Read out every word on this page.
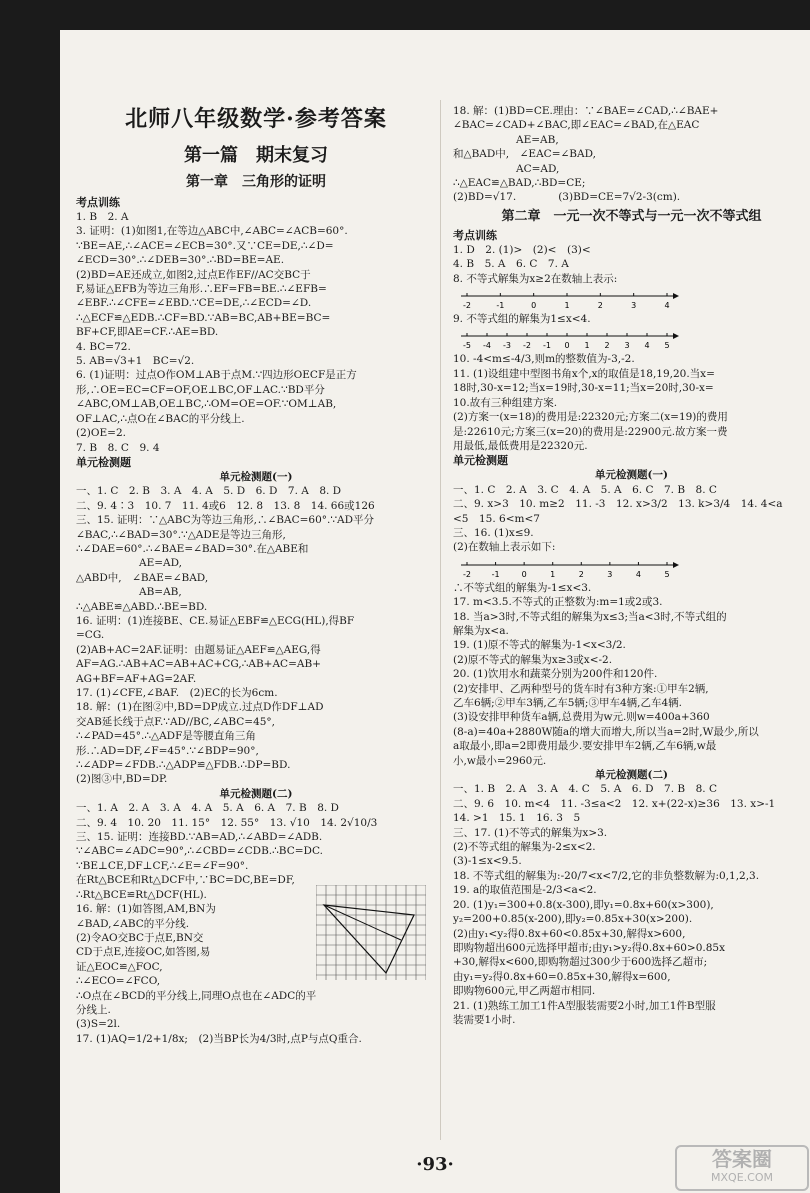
北师八年级数学·参考答案
第一篇　期末复习
第一章　三角形的证明
考点训练
1. B　2. A
3. 证明：(1)如图1,在等边△ABC中,∠ABC=∠ACB=60°.
∵BE=AE,∴∠ACE=∠ECB=30°.又∵CE=DE,∴∠D=
∠ECD=30°.∴∠DEB=30°.∴BD=BE=AE.
(2)BD=AE还成立,如图2,过点E作EF//AC交BC于
F,易证△EFB为等边三角形.∴EF=FB=BE.∴∠EFB=
∠EBF.∴∠CFE=∠EBD.∵CE=DE,∴∠ECD=∠D.
∴△ECF≌△EDB.∴CF=BD.∵AB=BC,AB+BE=BC=
BF+CF,即AE=CF.∴AE=BD.
4. BC=72.
5. AB=√3+1　BC=√2.
6. (1)证明：过点O作OM⊥AB于点M.∵四边形OECF是正方
形,∴OE=EC=CF=OF,OE⊥BC,OF⊥AC.∵BD平分
∠ABC,OM⊥AB,OE⊥BC,∴OM=OE=OF.∵OM⊥AB,
OF⊥AC,∴点O在∠BAC的平分线上.
(2)OE=2.
7. B　8. C　9. 4
单元检测题
单元检测题(一)
一、1. C　2. B　3. A　4. A　5. D　6. D　7. A　8. D
二、9. 4∶3　10. 7　11. 4或6　12. 8　13. 8　14. 66或126
三、15. 证明：∵△ABC为等边三角形,∴∠BAC=60°.∵AD平分
∠BAC,∴∠BAD=30°.∵△ADE是等边三角形,
∴∠DAE=60°.∴∠BAE=∠BAD=30°.在△ABE和
　　　　　　AE=AD,
△ABD中,　∠BAE=∠BAD,
　　　　　　AB=AB,
∴△ABE≌△ABD.∴BE=BD.
16. 证明：(1)连接BE、CE.易证△EBF≌△ECG(HL),得BF
=CG.
(2)AB+AC=2AF.证明：由题易证△AEF≌△AEG,得
AF=AG.∴AB+AC=AB+AC+CG,∴AB+AC=AB+
AG+BF=AF+AG=2AF.
17. (1)∠CFE,∠BAF.　(2)EC的长为6cm.
18. 解：(1)在图②中,BD=DP成立.过点D作DF⊥AD
交AB延长线于点F.∵AD//BC,∠ABC=45°,
∴∠PAD=45°.∴△ADF是等腰直角三角
形.∴AD=DF,∠F=45°.∵∠BDP=90°,
∴∠ADP=∠FDB.∴△ADP≌△FDB.∴DP=BD.
(2)图③中,BD=DP.
单元检测题(二)
一、1. A　2. A　3. A　4. A　5. A　6. A　7. B　8. D
二、9. 4　10. 20　11. 15°　12. 55°　13. √10　14. 2√10/3
三、15. 证明：连接BD.∵AB=AD,∴∠ABD=∠ADB.
∵∠ABC=∠ADC=90°,∴∠CBD=∠CDB.∴BC=DC.
∵BE⊥CE,DF⊥CF,∴∠E=∠F=90°.
在Rt△BCE和Rt△DCF中,∵BC=DC,BE=DF,
∴Rt△BCE≌Rt△DCF(HL).
16. 解：(1)如答图,AM,BN为
∠BAD,∠ABC的平分线.
(2)令AO交BC于点E,BN交
CD于点E,连接OC,如答图,易
证△EOC≌△FOC,
∴∠ECO=∠FCO,
∴O点在∠BCD的平分线上,同理O点也在∠ADC的平
分线上.
(3)S=2l.
17. (1)AQ=1/2+1/8x;　(2)当BP长为4/3时,点P与点Q重合.
18. 解：(1)BD=CE.理由：∵∠BAE=∠CAD,∴∠BAE+
∠BAC=∠CAD+∠BAC,即∠EAC=∠BAD,在△EAC
　　　　　　AE=AB,
和△BAD中,　∠EAC=∠BAD,
　　　　　　AC=AD,
∴△EAC≌△BAD,∴BD=CE;
(2)BD=√17.　　　　(3)BD=CE=7√2-3(cm).
第二章　一元一次不等式与一元一次不等式组
考点训练
1. D　2. (1)>　(2)<　(3)<
4. B　5. A　6. C　7. A
8. 不等式解集为x≥2在数轴上表示:
-2	-1	0	1	2	3	4
9. 不等式组的解集为1≤x<4.
-5 -4 -3 -2 -1 0 1 2 3 4 5
10. -4<m≤-4/3,则m的整数值为-3,-2.
11. (1)设组建中型图书角x个,x的取值是18,19,20.当x=
18时,30-x=12;当x=19时,30-x=11;当x=20时,30-x=
10.故有三种组建方案.
(2)方案一(x=18)的费用是:22320元;方案二(x=19)的费用
是:22610元;方案三(x=20)的费用是:22900元.故方案一费
用最低,最低费用是22320元.
单元检测题
单元检测题(一)
一、1. C　2. A　3. C　4. A　5. A　6. C　7. B　8. C
二、9. x>3　10. m≥2　11. -3　12. x>3/2　13. k>3/4　14. 4<a
<5　15. 6<m<7
三、16. (1)x≤9.
(2)在数轴上表示如下:
-2	-1	0	1	2	3	4	5
∴不等式组的解集为-1≤x<3.
17. m<3.5.不等式的正整数为:m=1或2或3.
18. 当a>3时,不等式组的解集为x≤3;当a<3时,不等式组的
解集为x<a.
19. (1)原不等式的解集为-1<x<3/2.
(2)原不等式的解集为x≥3或x<-2.
20. (1)饮用水和蔬菜分别为200件和120件.
(2)安排甲、乙两种型号的货车时有3种方案:①甲车2辆,
乙车6辆;②甲车3辆,乙车5辆;③甲车4辆,乙车4辆.
(3)设安排甲种货车a辆,总费用为w元.则w=400a+360
(8-a)=40a+2880W随a的增大而增大,所以当a=2时,W最少,所以
a取最小,即a=2即费用最少.要安排甲车2辆,乙车6辆,w最
小,w最小=2960元.
单元检测题(二)
一、1. B　2. A　3. A　4. C　5. A　6. D　7. B　8. C
二、9. 6　10. m<4　11. -3≤a<2　12. x+(22-x)≥36　13. x>-1
14. >1　15. 1　16. 3　5
三、17. (1)不等式的解集为x>3.
(2)不等式组的解集为-2≤x<2.
(3)-1≤x<9.5.
18. 不等式组的解集为:-20/7<x<7/2,它的非负整数解为:0,1,2,3.
19. a的取值范围是-2/3<a<2.
20. (1)y₁=300+0.8(x-300),即y₁=0.8x+60(x>300),
y₂=200+0.85(x-200),即y₂=0.85x+30(x>200).
(2)由y₁<y₂得0.8x+60<0.85x+30,解得x>600,
即购物超出600元选择甲超市;由y₁>y₂得0.8x+60>0.85x
+30,解得x<600,即购物超过300少于600选择乙超市;
由y₁=y₂得0.8x+60=0.85x+30,解得x=600,
即购物600元,甲乙两超市相同.
21. (1)熟练工加工1件A型服装需要2小时,加工1件B型服
装需要1小时.
·93·	答案圈
MXQE.COM
